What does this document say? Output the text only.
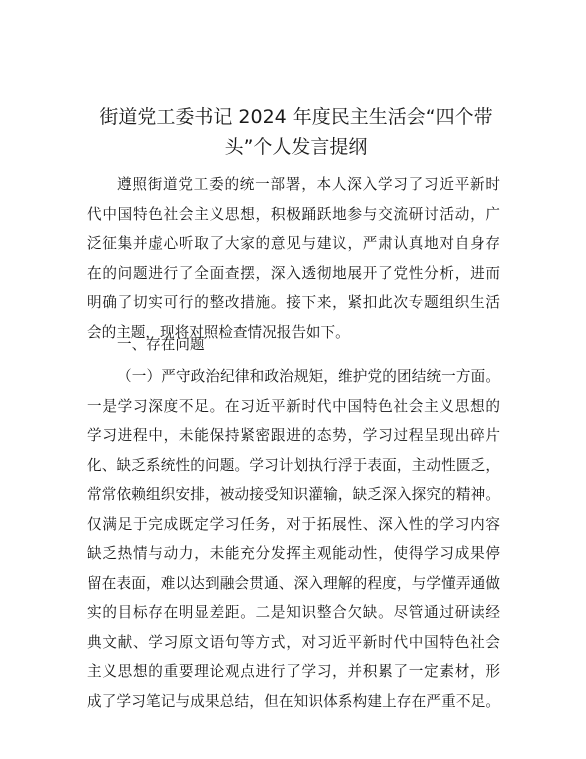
街道党工委书记 2024 年度民主生活会“四个带
头”个人发言提纲
遵照街道党工委的统一部署，本人深入学习了习近平新时
代中国特色社会主义思想，积极踊跃地参与交流研讨活动，广
泛征集并虚心听取了大家的意见与建议，严肃认真地对自身存
在的问题进行了全面查摆，深入透彻地展开了党性分析，进而
明确了切实可行的整改措施。接下来，紧扣此次专题组织生活
会的主题，现将对照检查情况报告如下。
一、存在问题
（一）严守政治纪律和政治规矩，维护党的团结统一方面。
一是学习深度不足。在习近平新时代中国特色社会主义思想的
学习进程中，未能保持紧密跟进的态势，学习过程呈现出碎片
化、缺乏系统性的问题。学习计划执行浮于表面，主动性匮乏，
常常依赖组织安排，被动接受知识灌输，缺乏深入探究的精神。
仅满足于完成既定学习任务，对于拓展性、深入性的学习内容
缺乏热情与动力，未能充分发挥主观能动性，使得学习成果停
留在表面，难以达到融会贯通、深入理解的程度，与学懂弄通做
实的目标存在明显差距。二是知识整合欠缺。尽管通过研读经
典文献、学习原文语句等方式，对习近平新时代中国特色社会
主义思想的重要理论观点进行了学习，并积累了一定素材，形
成了学习笔记与成果总结，但在知识体系构建上存在严重不足。
